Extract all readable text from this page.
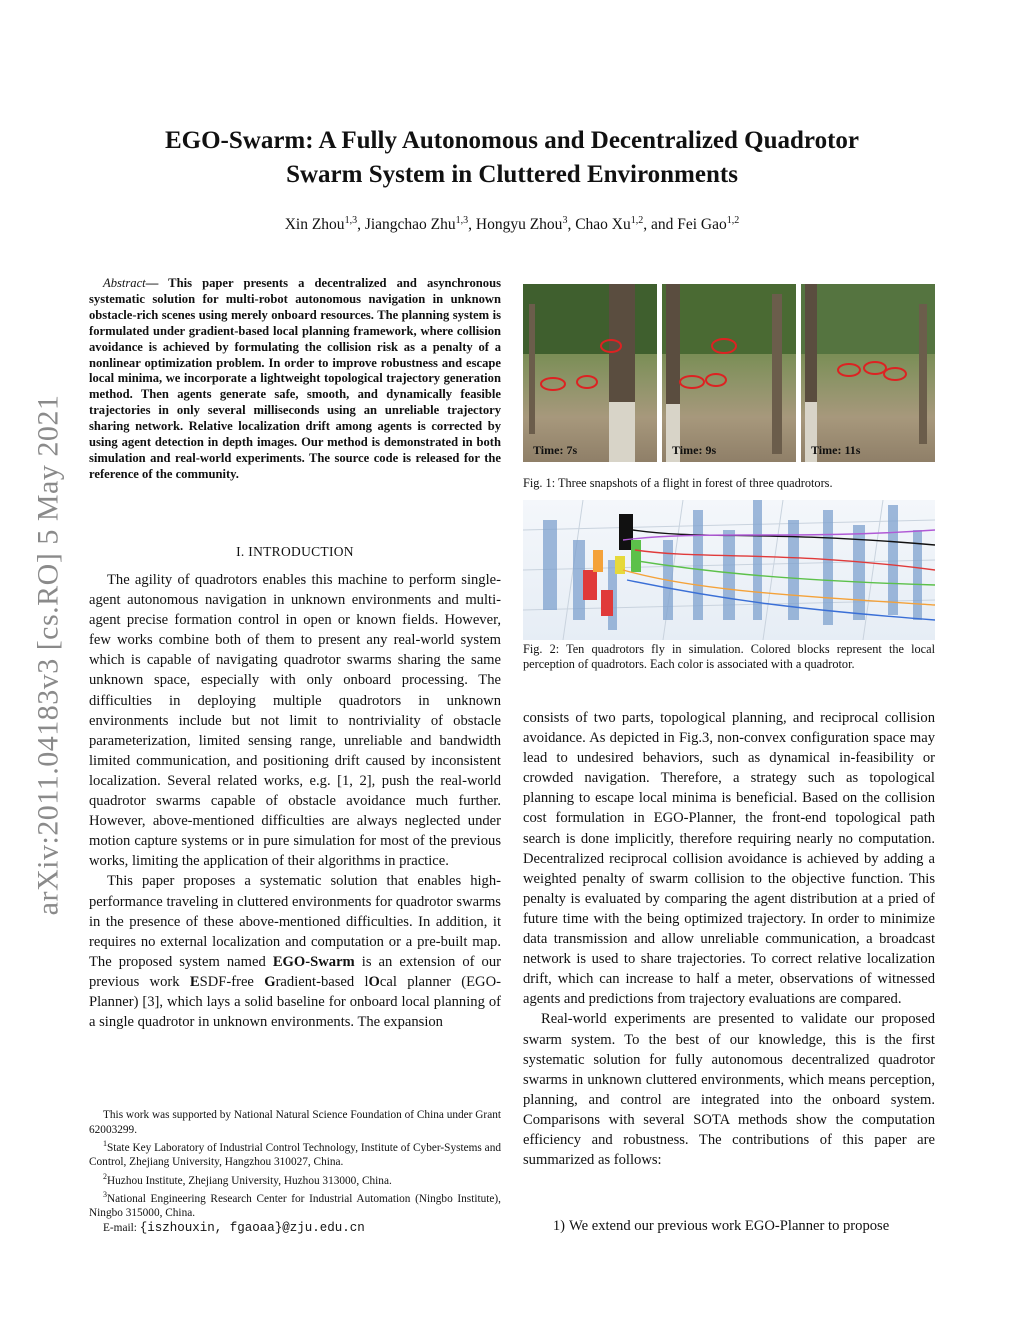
arXiv:2011.04183v3 [cs.RO] 5 May 2021
EGO-Swarm: A Fully Autonomous and Decentralized Quadrotor
Swarm System in Cluttered Environments
Xin Zhou$^{1,3}$, Jiangchao Zhu$^{1,3}$, Hongyu Zhou$^3$, Chao Xu$^{1,2}$, and Fei Gao$^{1,2}$
Abstract— This paper presents a decentralized and asynchronous systematic solution for multi-robot autonomous navigation in unknown obstacle-rich scenes using merely onboard resources. The planning system is formulated under gradient-based local planning framework, where collision avoidance is achieved by formulating the collision risk as a penalty of a nonlinear optimization problem. In order to improve robustness and escape local minima, we incorporate a lightweight topological trajectory generation method. Then agents generate safe, smooth, and dynamically feasible trajectories in only several milliseconds using an unreliable trajectory sharing network. Relative localization drift among agents is corrected by using agent detection in depth images. Our method is demonstrated in both simulation and real-world experiments. The source code is released for the reference of the community.
I. INTRODUCTION

The agility of quadrotors enables this machine to perform single-agent autonomous navigation in unknown environments and multi-agent precise formation control in open or known fields. However, few works combine both of them to present any real-world system which is capable of navigating quadrotor swarms sharing the same unknown space, especially with only onboard processing. The difficulties in deploying multiple quadrotors in unknown environments include but not limit to nontriviality of obstacle parameterization, limited sensing range, unreliable and bandwidth limited communication, and positioning drift caused by inconsistent localization. Several related works, e.g. [1, 2], push the real-world quadrotor swarms capable of obstacle avoidance much further. However, above-mentioned difficulties are always neglected under motion capture systems or in pure simulation for most of the previous works, limiting the application of their algorithms in practice.

This paper proposes a systematic solution that enables high-performance traveling in cluttered environments for quadrotor swarms in the presence of these above-mentioned difficulties. In addition, it requires no external localization and computation or a pre-built map. The proposed system named EGO-Swarm is an extension of our previous work ESDF-free Gradient-based lOcal planner (EGO-Planner) [3], which lays a solid baseline for onboard local planning of a single quadrotor in unknown environments. The expansion

This work was supported by National Natural Science Foundation of China under Grant 62003299.

$^1$State Key Laboratory of Industrial Control Technology, Institute of Cyber-Systems and Control, Zhejiang University, Hangzhou 310027, China.

$^2$Huzhou Institute, Zhejiang University, Huzhou 313000, China.

$^3$National Engineering Research Center for Industrial Automation (Ningbo Institute), Ningbo 315000, China.

E-mail: {iszhouxin, fgaoaa}@zju.edu.cn

Time: 7s	Time: 9s	Time: 11s
Fig. 1: Three snapshots of a flight in forest of three quadrotors.
Fig. 2: Ten quadrotors fly in simulation. Colored blocks represent the local perception of quadrotors. Each color is associated with a quadrotor.

consists of two parts, topological planning, and reciprocal collision avoidance. As depicted in Fig.3, non-convex configuration space may lead to undesired behaviors, such as dynamical in-feasibility or crowded navigation. Therefore, a strategy such as topological planning to escape local minima is beneficial. Based on the collision cost formulation in EGO-Planner, the front-end topological path search is done implicitly, therefore requiring nearly no computation. Decentralized reciprocal collision avoidance is achieved by adding a weighted penalty of swarm collision to the objective function. This penalty is evaluated by comparing the agent distribution at a pried of future time with the being optimized trajectory. In order to minimize data transmission and allow unreliable communication, a broadcast network is used to share trajectories. To correct relative localization drift, which can increase to half a meter, observations of witnessed agents and predictions from trajectory evaluations are compared.

Real-world experiments are presented to validate our proposed swarm system. To the best of our knowledge, this is the first systematic solution for fully autonomous decentralized quadrotor swarms in unknown cluttered environments, which means perception, planning, and control are integrated into the onboard system. Comparisons with several SOTA methods show the computation efficiency and robustness. The contributions of this paper are summarized as follows:

1) We extend our previous work EGO-Planner to propose
